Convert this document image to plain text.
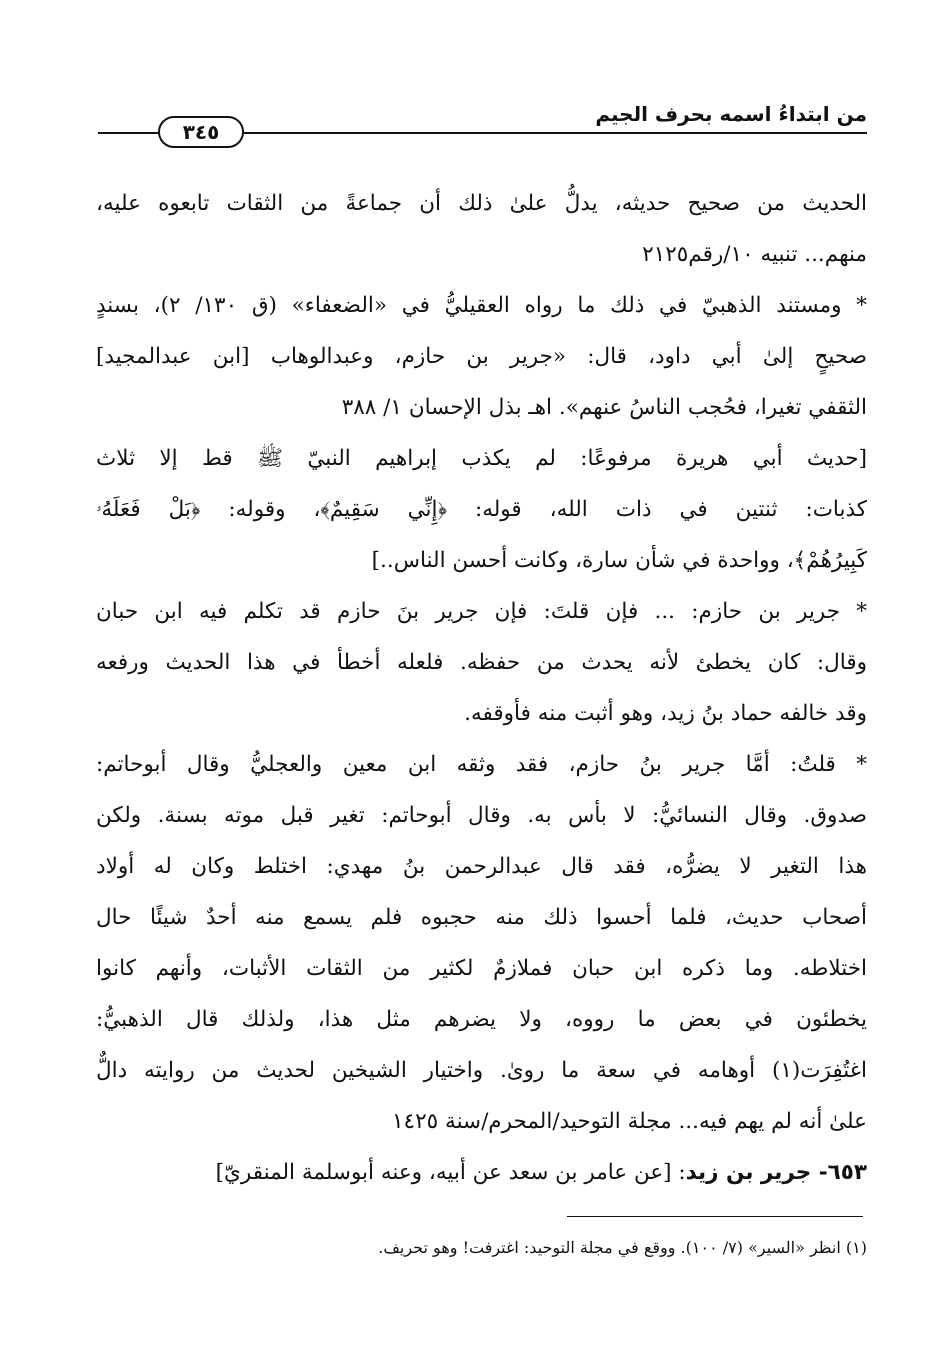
من ابتداءُ اسمه بحرف الجيم
٣٤٥
الحديث من صحيح حديثه، يدلُّ علىٰ ذلك أن جماعةً من الثقات تابعوه عليه،
منهم... تنبيه ١٠/رقم٢١٢٥
* ومستند الذهبيّ في ذلك ما رواه العقيليُّ في «الضعفاء» (ق ١٣٠/ ٢)، بسندٍ
صحيحٍ إلىٰ أبي داود، قال: «جرير بن حازم، وعبدالوهاب [ابن عبدالمجيد]
الثقفي تغيرا، فحُجب الناسُ عنهم». اهـ بذل الإحسان ١/ ٣٨٨
[حديث أبي هريرة مرفوعًا: لم يكذب إبراهيم النبيّ ﷺ قط إلا ثلاث
كذبات: ثنتين في ذات الله، قوله: ﴿إِنِّي سَقِيمٌ﴾، وقوله: ﴿بَلْ فَعَلَهُۥ
كَبِيرُهُمْ﴾، وواحدة في شأن سارة، وكانت أحسن الناس..]
* جرير بن حازم: ... فإن قلتَ: فإن جرير بنَ حازم قد تكلم فيه ابن حبان
وقال: كان يخطئ لأنه يحدث من حفظه. فلعله أخطأ في هذا الحديث ورفعه
وقد خالفه حماد بنُ زيد، وهو أثبت منه فأوقفه.
* قلتُ: أمَّا جرير بنُ حازم، فقد وثقه ابن معين والعجليُّ وقال أبوحاتم:
صدوق. وقال النسائيُّ: لا بأس به. وقال أبوحاتم: تغير قبل موته بسنة. ولكن
هذا التغير لا يضرُّه، فقد قال عبدالرحمن بنُ مهدي: اختلط وكان له أولاد
أصحاب حديث، فلما أحسوا ذلك منه حجبوه فلم يسمع منه أحدٌ شيئًا حال
اختلاطه. وما ذكره ابن حبان فملازمٌ لكثير من الثقات الأثبات، وأنهم كانوا
يخطئون في بعض ما رووه، ولا يضرهم مثل هذا، ولذلك قال الذهبيُّ:
اغتُفِرَت(١) أوهامه في سعة ما روىٰ. واختيار الشيخين لحديث من روايته دالٌّ
علىٰ أنه لم يهم فيه... مجلة التوحيد/المحرم/سنة ١٤٢٥
٦٥٣- جرير بن زيد: [عن عامر بن سعد عن أبيه، وعنه أبوسلمة المنقريّ]
(١) انظر «السير» (٧/ ١٠٠). ووقع في مجلة التوحيد: اغترفت! وهو تحريف.
